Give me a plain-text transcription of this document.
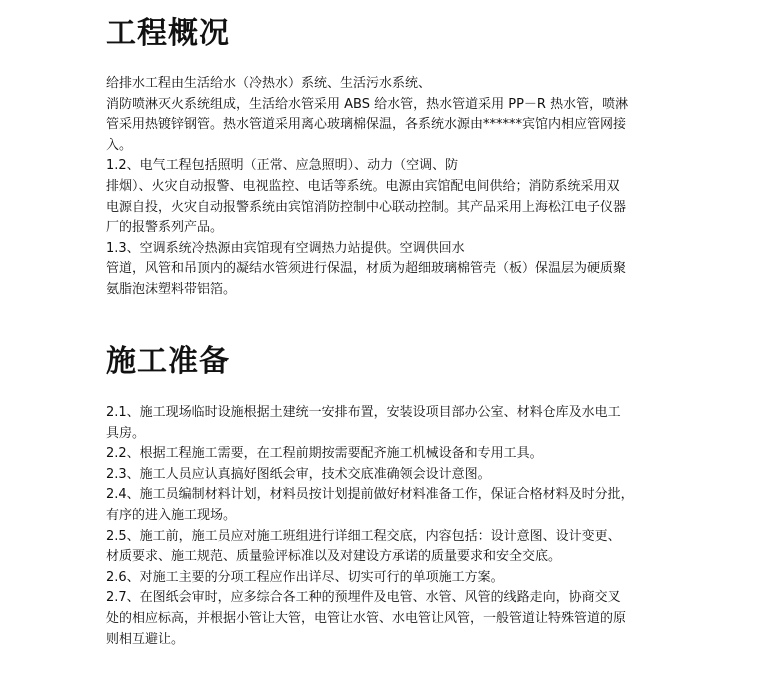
工程概况
给排水工程由生活给水（冷热水）系统、生活污水系统、
消防喷淋灭火系统组成，生活给水管采用 ABS 给水管，热水管道采用 PP－R 热水管，喷淋
管采用热镀锌钢管。热水管道采用离心玻璃棉保温，各系统水源由******宾馆内相应管网接
入。
1.2、电气工程包括照明（正常、应急照明）、动力（空调、防
排烟）、火灾自动报警、电视监控、电话等系统。电源由宾馆配电间供给；消防系统采用双
电源自投，火灾自动报警系统由宾馆消防控制中心联动控制。其产品采用上海松江电子仪器
厂的报警系列产品。
1.3、空调系统冷热源由宾馆现有空调热力站提供。空调供回水
管道，风管和吊顶内的凝结水管须进行保温，材质为超细玻璃棉管壳（板）保温层为硬质聚
氨脂泡沫塑料带铝箔。
施工准备
2.1、施工现场临时设施根据土建统一安排布置，安装设项目部办公室、材料仓库及水电工
具房。
2.2、根据工程施工需要，在工程前期按需要配齐施工机械设备和专用工具。
2.3、施工人员应认真搞好图纸会审，技术交底准确领会设计意图。
2.4、施工员编制材料计划，材料员按计划提前做好材料准备工作，保证合格材料及时分批，
有序的进入施工现场。
2.5、施工前，施工员应对施工班组进行详细工程交底，内容包括：设计意图、设计变更、
材质要求、施工规范、质量验评标准以及对建设方承诺的质量要求和安全交底。
2.6、对施工主要的分项工程应作出详尽、切实可行的单项施工方案。
2.7、在图纸会审时，应多综合各工种的预埋件及电管、水管、风管的线路走向，协商交叉
处的相应标高，并根据小管让大管，电管让水管、水电管让风管，一般管道让特殊管道的原
则相互避让。
